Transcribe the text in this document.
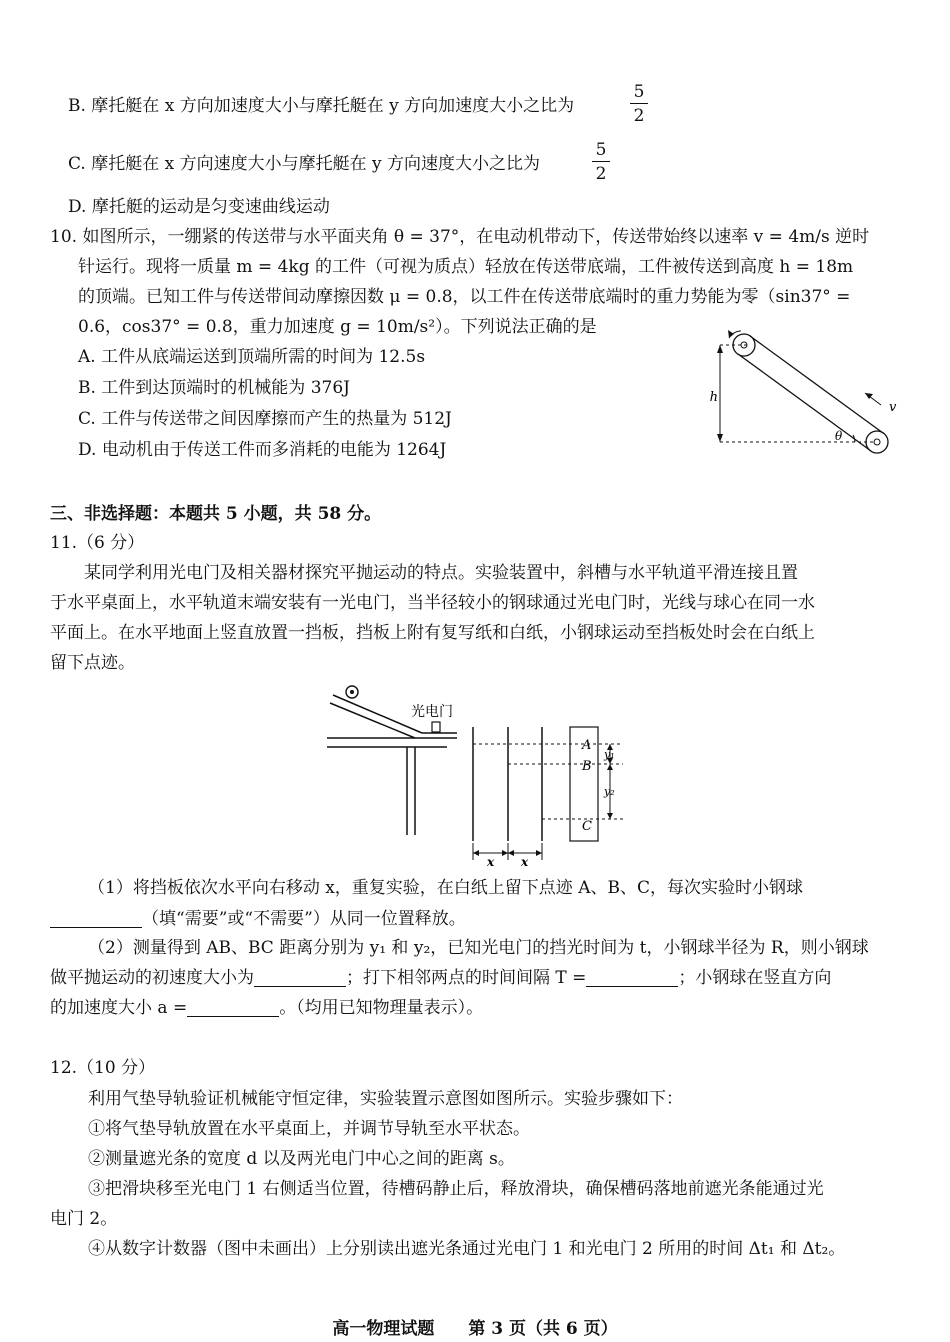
B. 摩托艇在 x 方向加速度大小与摩托艇在 y 方向加速度大小之比为
5
2
C. 摩托艇在 x 方向速度大小与摩托艇在 y 方向速度大小之比为
5
2
D. 摩托艇的运动是匀变速曲线运动
10. 如图所示，一绷紧的传送带与水平面夹角 θ = 37°，在电动机带动下，传送带始终以速率 v = 4m/s 逆时
针运行。现将一质量 m = 4kg 的工件（可视为质点）轻放在传送带底端，工件被传送到高度 h = 18m
的顶端。已知工件与传送带间动摩擦因数 μ = 0.8，以工件在传送带底端时的重力势能为零（sin37° =
0.6，cos37° = 0.8，重力加速度 g = 10m/s²）。下列说法正确的是
A. 工件从底端运送到顶端所需的时间为 12.5s
B. 工件到达顶端时的机械能为 376J
C. 工件与传送带之间因摩擦而产生的热量为 512J
D. 电动机由于传送工件而多消耗的电能为 1264J
h
v
θ
三、非选择题：本题共 5 小题，共 58 分。
11.（6 分）
某同学利用光电门及相关器材探究平抛运动的特点。实验装置中，斜槽与水平轨道平滑连接且置
于水平桌面上，水平轨道末端安装有一光电门，当半径较小的钢球通过光电门时，光线与球心在同一水
平面上。在水平地面上竖直放置一挡板，挡板上附有复写纸和白纸，小钢球运动至挡板处时会在白纸上
留下点迹。
光电门
A
B
C
y₁
y₂
x x
（1）将挡板依次水平向右移动 x，重复实验，在白纸上留下点迹 A、B、C，每次实验时小钢球
（填“需要”或“不需要”）从同一位置释放。
（2）测量得到 AB、BC 距离分别为 y₁ 和 y₂，已知光电门的挡光时间为 t，小钢球半径为 R，则小钢球
做平抛运动的初速度大小为	；打下相邻两点的时间间隔 T =	；小钢球在竖直方向
的加速度大小 a =	。（均用已知物理量表示）。
12.（10 分）
利用气垫导轨验证机械能守恒定律，实验装置示意图如图所示。实验步骤如下：
①将气垫导轨放置在水平桌面上，并调节导轨至水平状态。
②测量遮光条的宽度 d 以及两光电门中心之间的距离 s。
③把滑块移至光电门 1 右侧适当位置，待槽码静止后，释放滑块，确保槽码落地前遮光条能通过光
电门 2。
④从数字计数器（图中未画出）上分别读出遮光条通过光电门 1 和光电门 2 所用的时间 Δt₁ 和 Δt₂。
高一物理试题　　第 3 页（共 6 页）
